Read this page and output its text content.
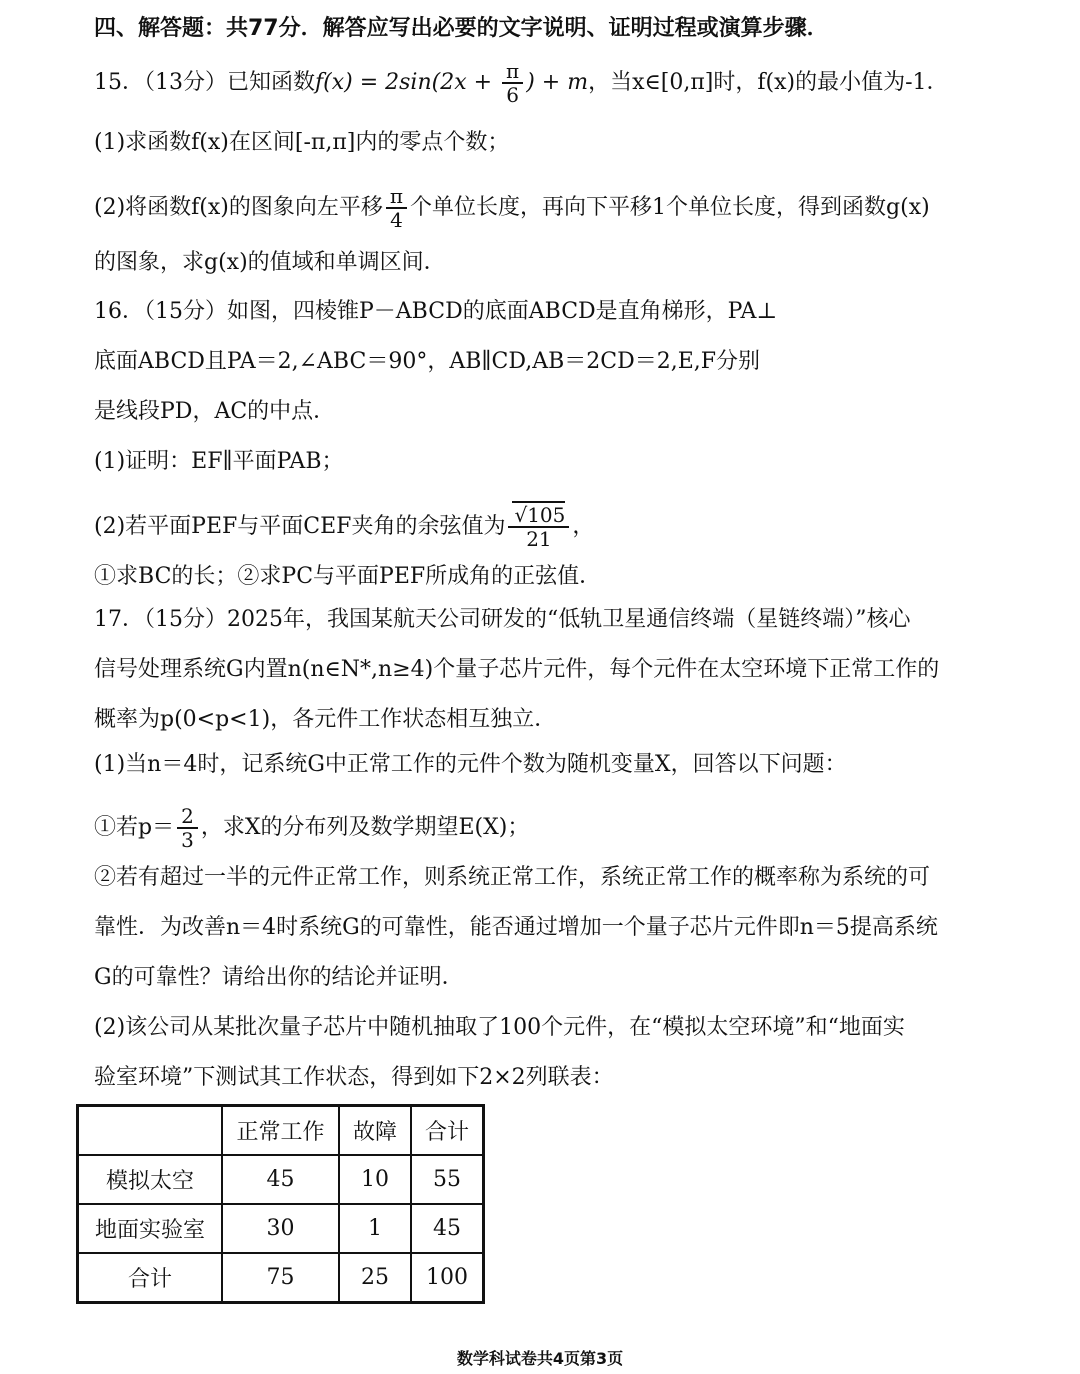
四、解答题：共77分．解答应写出必要的文字说明、证明过程或演算步骤．
15．（13分）已知函数$f(x) = 2\sin(2x + \frac{\pi}{6}$ ) + m，当x∈[0,π]时，f(x)的最小值为-1．
(1)求函数f(x)在区间[-π,π]内的零点个数；
(2)将函数f(x)的图象向左平移 $\frac{\pi}{4}$ 个单位长度，再向下平移1个单位长度，得到函数g(x)
的图象，求g(x)的值域和单调区间．
16．（15分）如图，四棱锥P－ABCD的底面ABCD是直角梯形，PA⊥
底面ABCD且PA＝2,∠ABC＝90°，AB∥CD,AB＝2CD＝2,E,F分别
是线段PD，AC的中点．
(1)证明：EF∥平面PAB；
(2)若平面PEF与平面CEF夹角的余弦值为 $\frac{√105}{21}$ ，
①求BC的长；②求PC与平面PEF所成角的正弦值．
17．（15分）2025年，我国某航天公司研发的“低轨卫星通信终端（星链终端）”核心
信号处理系统G内置n(n∈N*,n≥4)个量子芯片元件，每个元件在太空环境下正常工作的
概率为p(0<p<1)，各元件工作状态相互独立．
(1)当n＝4时，记系统G中正常工作的元件个数为随机变量X，回答以下问题：
①若$p= \frac{2}{3}$ ，求X的分布列及数学期望E(X)；
②若有超过一半的元件正常工作，则系统正常工作，系统正常工作的概率称为系统的可
靠性．为改善n＝4时系统G的可靠性，能否通过增加一个量子芯片元件即n＝5提高系统
G的可靠性？请给出你的结论并证明．
(2)该公司从某批次量子芯片中随机抽取了100个元件，在“模拟太空环境”和“地面实
验室环境”下测试其工作状态，得到如下2×2列联表：
	正常工作	故障	合计
模拟太空	45	10	55
地面实验室	30	1	45
合计	75	25	100
数学科试卷共4页第3页
